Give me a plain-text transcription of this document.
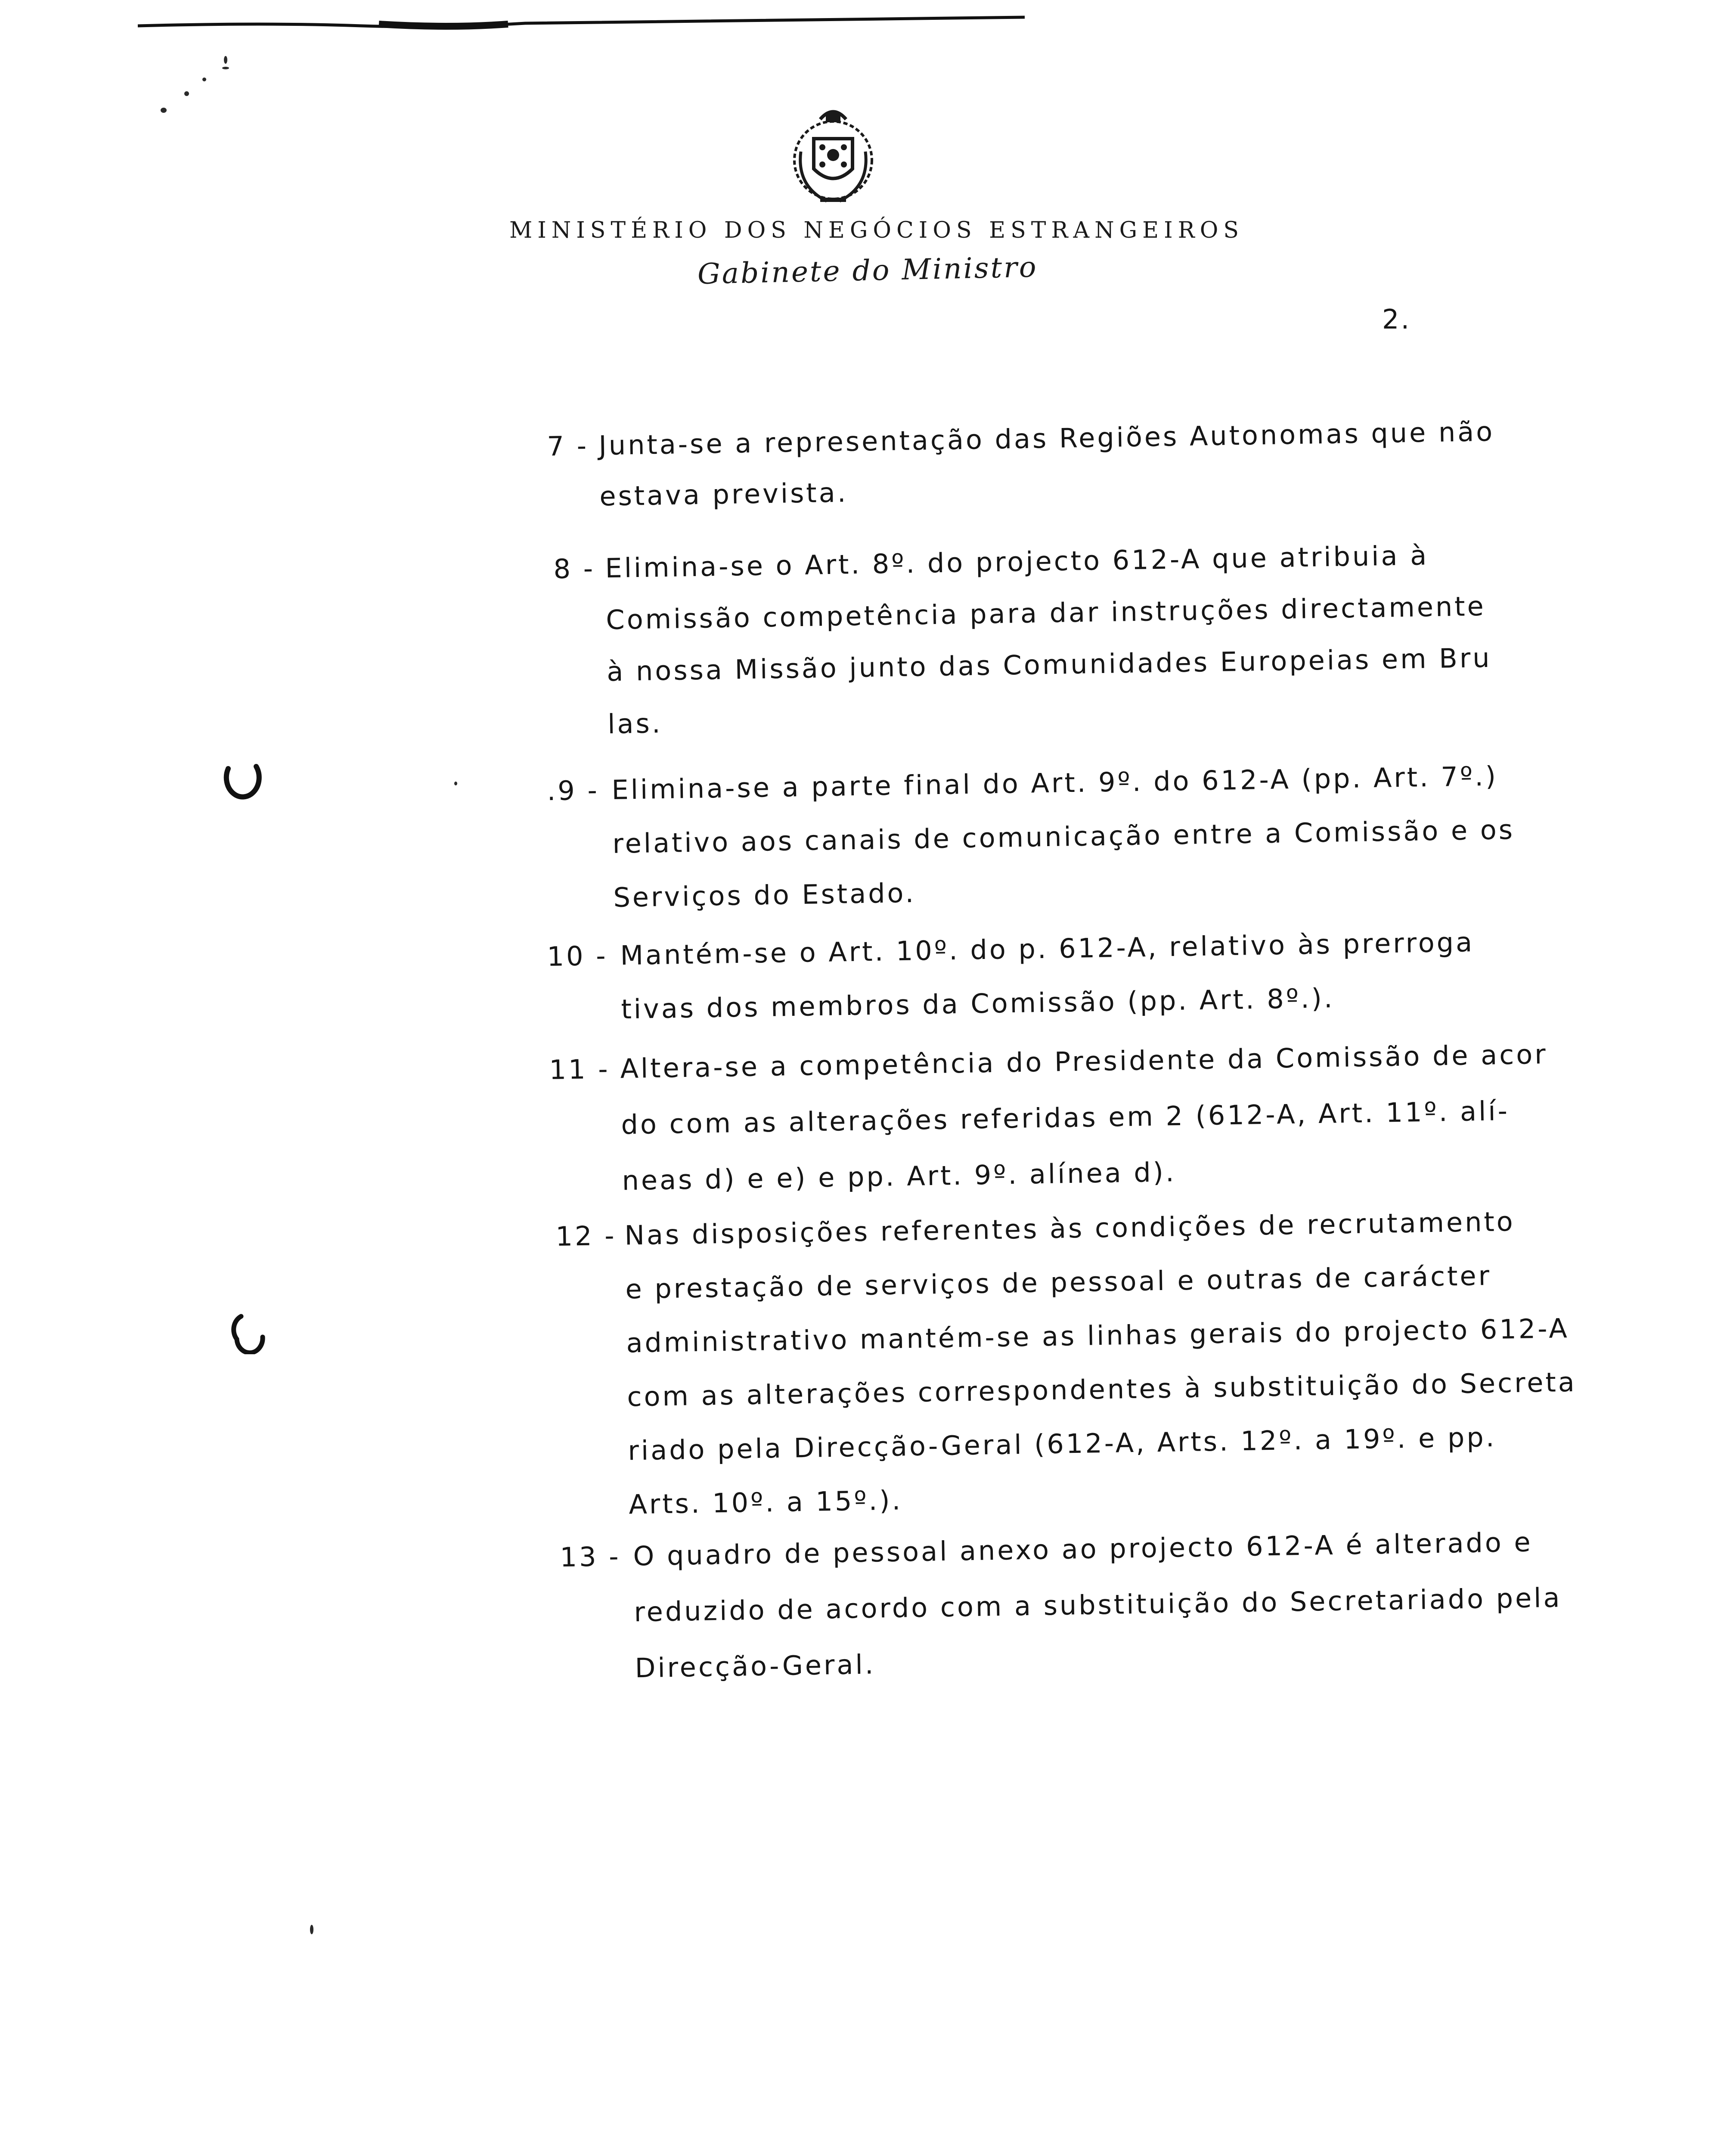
MINISTÉRIO DOS NEGÓCIOS ESTRANGEIROS
Gabinete do Ministro
2.
7 - Junta-se a representação das Regiões Autonomas que não
estava prevista.
8 - Elimina-se o Art. 8º. do projecto 612-A que atribuia à
Comissão competência para dar instruções directamente
à nossa Missão junto das Comunidades Europeias em Bru
las.
.9 - Elimina-se a parte final do Art. 9º. do 612-A (pp. Art. 7º.)
relativo aos canais de comunicação entre a Comissão e os
Serviços do Estado.
10 - Mantém-se o Art. 10º. do p. 612-A, relativo às prerroga
tivas dos membros da Comissão (pp. Art. 8º.).
11 - Altera-se a competência do Presidente da Comissão de acor
do com as alterações referidas em 2 (612-A, Art. 11º. alí-
neas d) e e) e pp. Art. 9º. alínea d).
12 - Nas disposições referentes às condições de recrutamento
e prestação de serviços de pessoal e outras de carácter
administrativo mantém-se as linhas gerais do projecto 612-A
com as alterações correspondentes à substituição do Secreta
riado pela Direcção-Geral (612-A, Arts. 12º. a 19º. e pp.
Arts. 10º. a 15º.).
13 - O quadro de pessoal anexo ao projecto 612-A é alterado e
reduzido de acordo com a substituição do Secretariado pela
Direcção-Geral.
